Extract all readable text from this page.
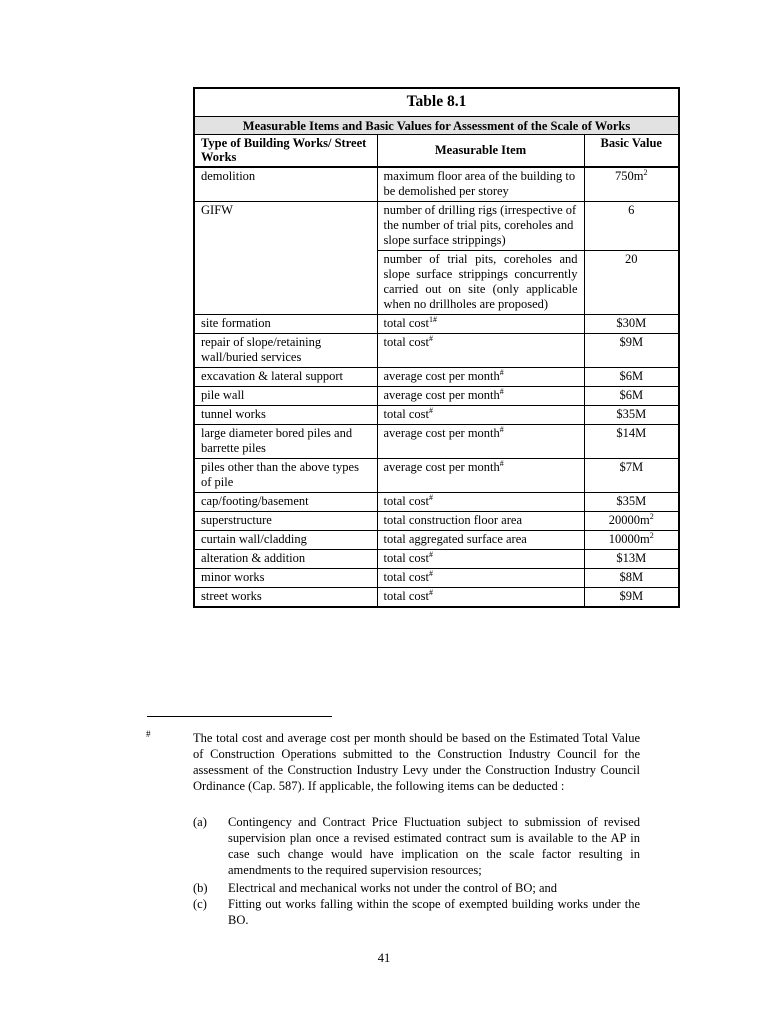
Table 8.1		
Measurable Items and Basic Values for Assessment of the Scale of Works		
Type of Building Works/ Street Works	Measurable Item	Basic Value
demolition	maximum floor area of the building to be demolished per storey	$750m^2$
GIFW	number of drilling rigs (irrespective of the number of trial pits, coreholes and slope surface strippings)	6
	number of trial pits, coreholes and slope surface strippings concurrently carried out on site (only applicable when no drillholes are proposed)	20
site formation	total cost$^{1\#}$	$30M
repair of slope/retaining wall/buried services	total cost#	$9M
excavation & lateral support	average cost per month#	$6M
pile wall	average cost per month#	$6M
tunnel works	total cost#	$35M
large diameter bored piles and barrette piles	average cost per month#	$14M
piles other than the above types of pile	average cost per month#	$7M
cap/footing/basement	total cost#	$35M
superstructure	total construction floor area	$20000m^2$
curtain wall/cladding	total aggregated surface area	$10000m^2$
alteration & addition	total cost#	$13M
minor works	total cost#	$8M
street works	total cost#	$9M
#	The total cost and average cost per month should be based on the Estimated Total Value of Construction Operations submitted to the Construction Industry Council for the assessment of the Construction Industry Levy under the Construction Industry Council Ordinance (Cap. 587). If applicable, the following items can be deducted :
(a)	Contingency and Contract Price Fluctuation subject to submission of revised supervision plan once a revised estimated contract sum is available to the AP in case such change would have implication on the scale factor resulting in amendments to the required supervision resources;
(b)	Electrical and mechanical works not under the control of BO; and
(c)	Fitting out works falling within the scope of exempted building works under the BO.
41
